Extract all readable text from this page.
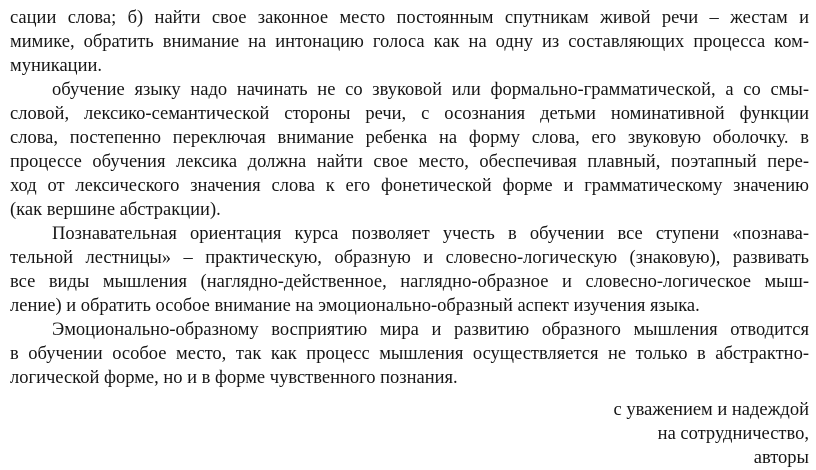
сации слова; б) найти свое законное место постоянным спутникам живой речи – жестам и
мимике, обратить внимание на интонацию голоса как на одну из составляющих процесса ком-
муникации.
обучение языку надо начинать не со звуковой или формально-грамматической, а со смы-
словой, лексико-семантической стороны речи, с осознания детьми номинативной функции
слова, постепенно переключая внимание ребенка на форму слова, его звуковую оболочку. в
процессе обучения лексика должна найти свое место, обеспечивая плавный, поэтапный пере-
ход от лексического значения слова к его фонетической форме и грамматическому значению
(как вершине абстракции).
Познавательная ориентация курса позволяет учесть в обучении все ступени «познава-
тельной лестницы» – практическую, образную и словесно-логическую (знаковую), развивать
все виды мышления (наглядно-действенное, наглядно-образное и словесно-логическое мыш-
ление) и обратить особое внимание на эмоционально-образный аспект изучения языка.
Эмоционально-образному восприятию мира и развитию образного мышления отводится
в обучении особое место, так как процесс мышления осуществляется не только в абстрактно-
логической форме, но и в форме чувственного познания.
с уважением и надеждой
на сотрудничество,
авторы
